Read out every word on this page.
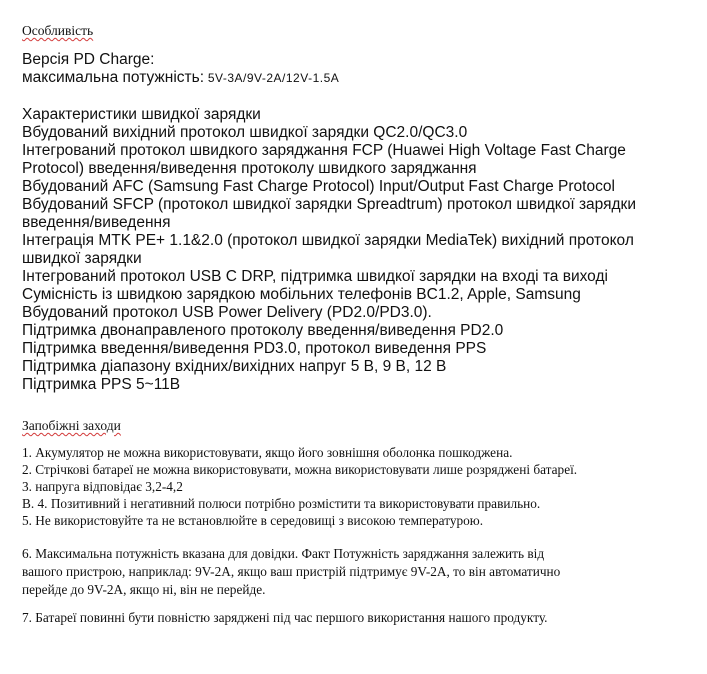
Особливість
Версія PD Charge:
максимальна потужність: 5V-3A/9V-2A/12V-1.5A
Характеристики швидкої зарядки
Вбудований вихідний протокол швидкої зарядки QC2.0/QC3.0
Інтегрований протокол швидкого заряджання FCP (Huawei High Voltage Fast Charge
Protocol) введення/виведення протоколу швидкого заряджання
Вбудований AFC (Samsung Fast Charge Protocol) Input/Output Fast Charge Protocol
Вбудований SFCP (протокол швидкої зарядки Spreadtrum) протокол швидкої зарядки
введення/виведення
Інтеграція MTK PE+ 1.1&2.0 (протокол швидкої зарядки MediaTek) вихідний протокол
швидкої зарядки
Інтегрований протокол USB C DRP, підтримка швидкої зарядки на вході та виході
Сумісність із швидкою зарядкою мобільних телефонів BC1.2, Apple, Samsung
Вбудований протокол USB Power Delivery (PD2.0/PD3.0).
Підтримка двонаправленого протоколу введення/виведення PD2.0
Підтримка введення/виведення PD3.0, протокол виведення PPS
Підтримка діапазону вхідних/вихідних напруг 5 В, 9 В, 12 В
Підтримка PPS 5~11В
Запобіжні заходи
1. Акумулятор не можна використовувати, якщо його зовнішня оболонка пошкоджена.
2. Стрічкові батареї не можна використовувати, можна використовувати лише розряджені батареї.
3. напруга відповідає 3,2-4,2
В. 4. Позитивний і негативний полюси потрібно розмістити та використовувати правильно.
5. Не використовуйте та не встановлюйте в середовищі з високою температурою.
6. Максимальна потужність вказана для довідки. Факт Потужність заряджання залежить від
вашого пристрою, наприклад: 9V-2A, якщо ваш пристрій підтримує 9V-2A, то він автоматично
перейде до 9V-2A, якщо ні, він не перейде.
7. Батареї повинні бути повністю заряджені під час першого використання нашого продукту.
